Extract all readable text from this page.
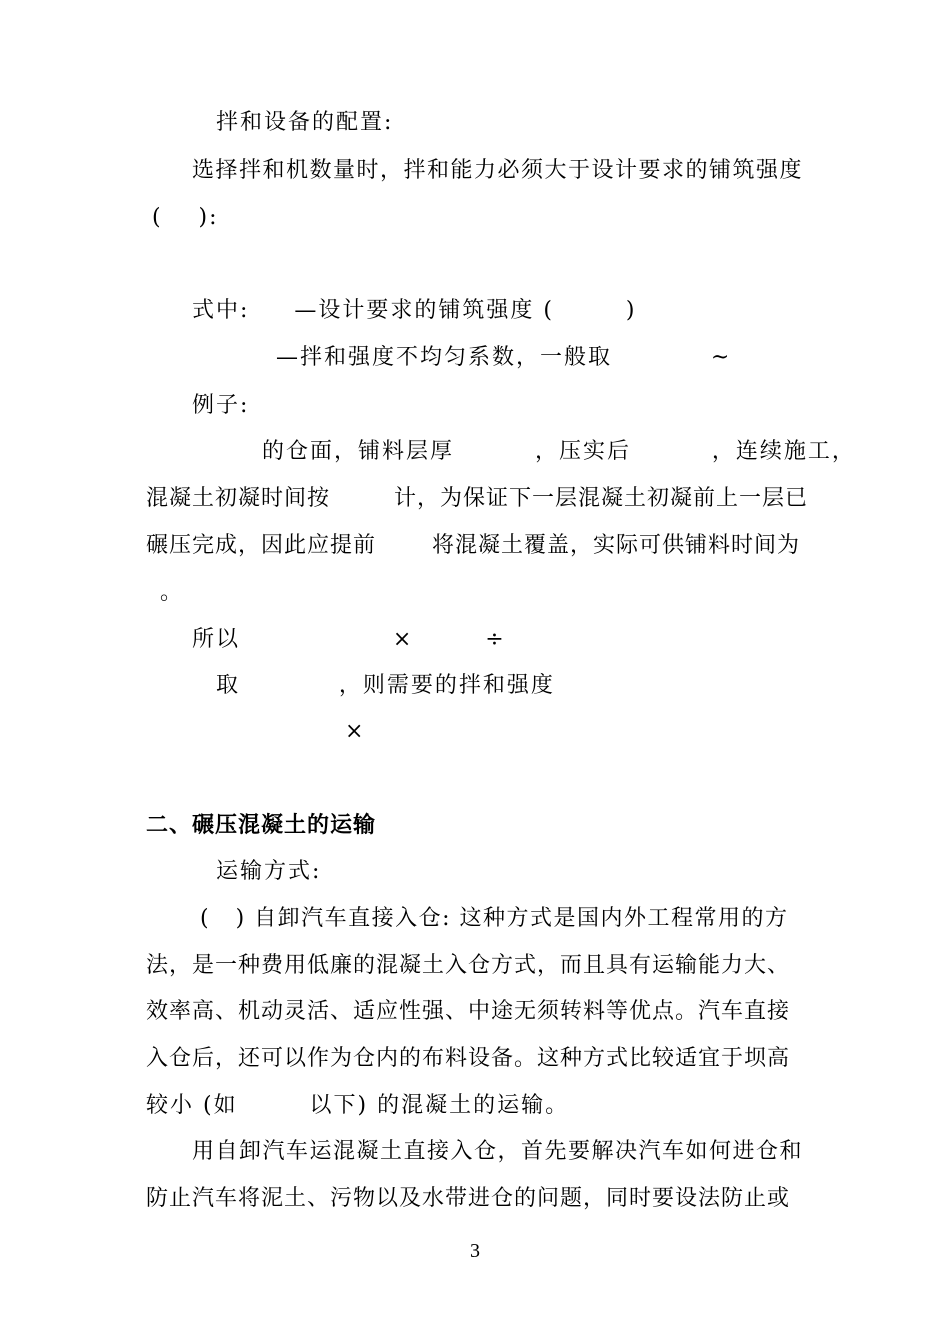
拌和设备的配置:
选择拌和机数量时，拌和能力必须大于设计要求的铺筑强度
(    ):
式中:     —设计要求的铺筑强度 (        )
—拌和强度不均匀系数，一般取           ~
例子:
的仓面，铺料层厚         ，压实后         ，连续施工，
混凝土初凝时间按        计，为保证下一层混凝土初凝前上一层已
碾压完成，因此应提前       将混凝土覆盖，实际可供铺料时间为
。
所以                 ×        ÷
取           ，则需要的拌和强度
×
二、碾压混凝土的运输
运输方式:
(   ) 自卸汽车直接入仓: 这种方式是国内外工程常用的方
法，是一种费用低廉的混凝土入仓方式，而且具有运输能力大、
效率高、机动灵活、适应性强、中途无须转料等优点。汽车直接
入仓后，还可以作为仓内的布料设备。这种方式比较适宜于坝高
较小 (如        以下) 的混凝土的运输。
用自卸汽车运混凝土直接入仓，首先要解决汽车如何进仓和
防止汽车将泥土、污物以及水带进仓的问题，同时要设法防止或
3
